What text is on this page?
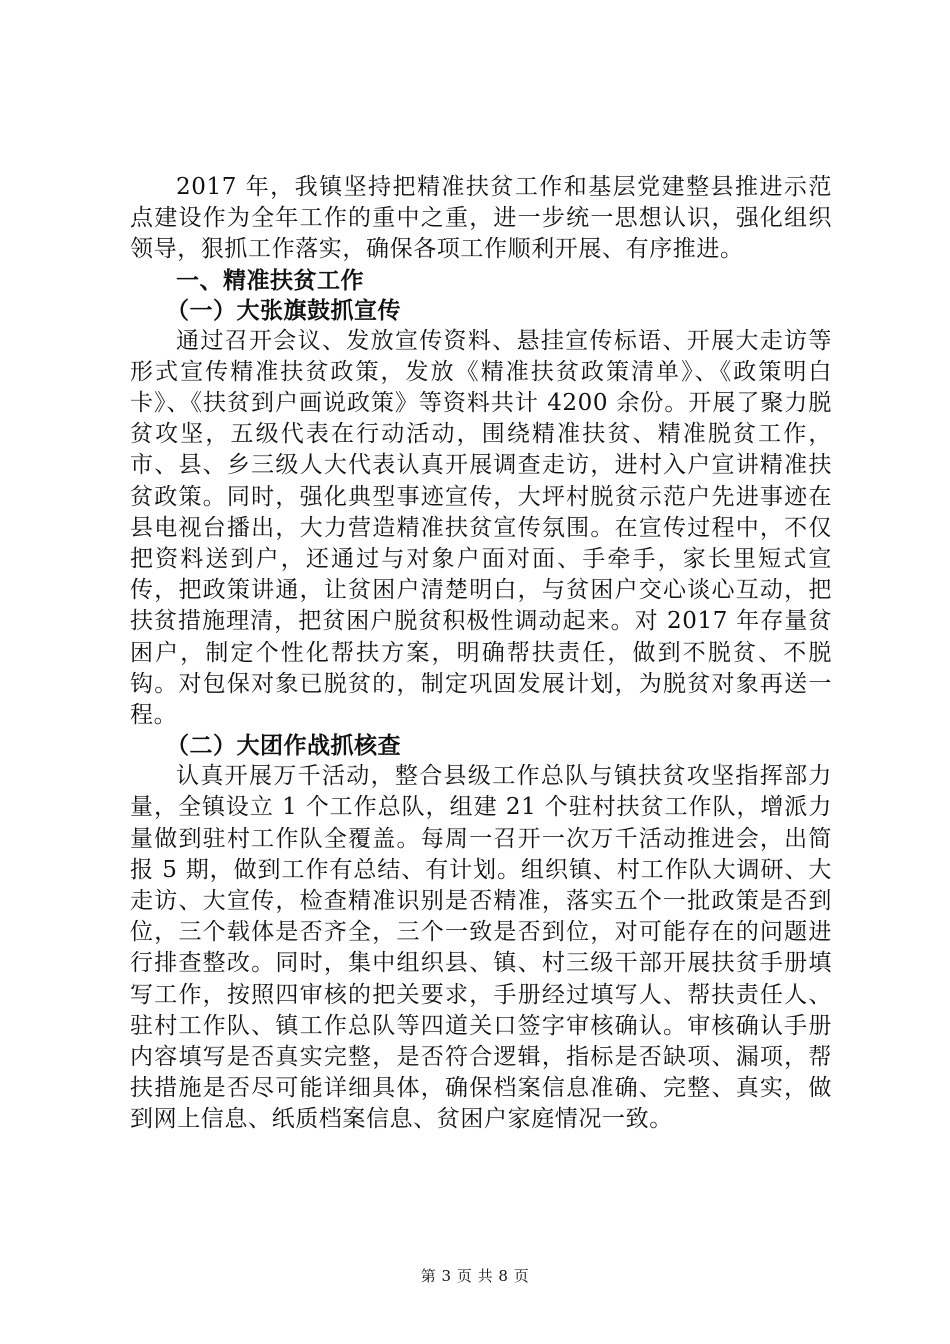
2017 年，我镇坚持把精准扶贫工作和基层党建整县推进示范点建设作为全年工作的重中之重，进一步统一思想认识，强化组织领导，狠抓工作落实，确保各项工作顺利开展、有序推进。

一、精准扶贫工作
（一）大张旗鼓抓宣传

通过召开会议、发放宣传资料、悬挂宣传标语、开展大走访等形式宣传精准扶贫政策，发放《精准扶贫政策清单》、《政策明白卡》、《扶贫到户画说政策》等资料共计 4200 余份。开展了聚力脱贫攻坚，五级代表在行动活动，围绕精准扶贫、精准脱贫工作，市、县、乡三级人大代表认真开展调查走访，进村入户宣讲精准扶贫政策。同时，强化典型事迹宣传，大坪村脱贫示范户先进事迹在县电视台播出，大力营造精准扶贫宣传氛围。在宣传过程中，不仅把资料送到户，还通过与对象户面对面、手牵手，家长里短式宣传，把政策讲通，让贫困户清楚明白，与贫困户交心谈心互动，把扶贫措施理清，把贫困户脱贫积极性调动起来。对 2017 年存量贫困户，制定个性化帮扶方案，明确帮扶责任，做到不脱贫、不脱钩。对包保对象已脱贫的，制定巩固发展计划，为脱贫对象再送一程。

（二）大团作战抓核查

认真开展万千活动，整合县级工作总队与镇扶贫攻坚指挥部力量，全镇设立 1 个工作总队，组建 21 个驻村扶贫工作队，增派力量做到驻村工作队全覆盖。每周一召开一次万千活动推进会，出简报 5 期，做到工作有总结、有计划。组织镇、村工作队大调研、大走访、大宣传，检查精准识别是否精准，落实五个一批政策是否到位，三个载体是否齐全，三个一致是否到位，对可能存在的问题进行排查整改。同时，集中组织县、镇、村三级干部开展扶贫手册填写工作，按照四审核的把关要求，手册经过填写人、帮扶责任人、驻村工作队、镇工作总队等四道关口签字审核确认。审核确认手册内容填写是否真实完整，是否符合逻辑，指标是否缺项、漏项，帮扶措施是否尽可能详细具体，确保档案信息准确、完整、真实，做到网上信息、纸质档案信息、贫困户家庭情况一致。

第 3 页 共 8 页
